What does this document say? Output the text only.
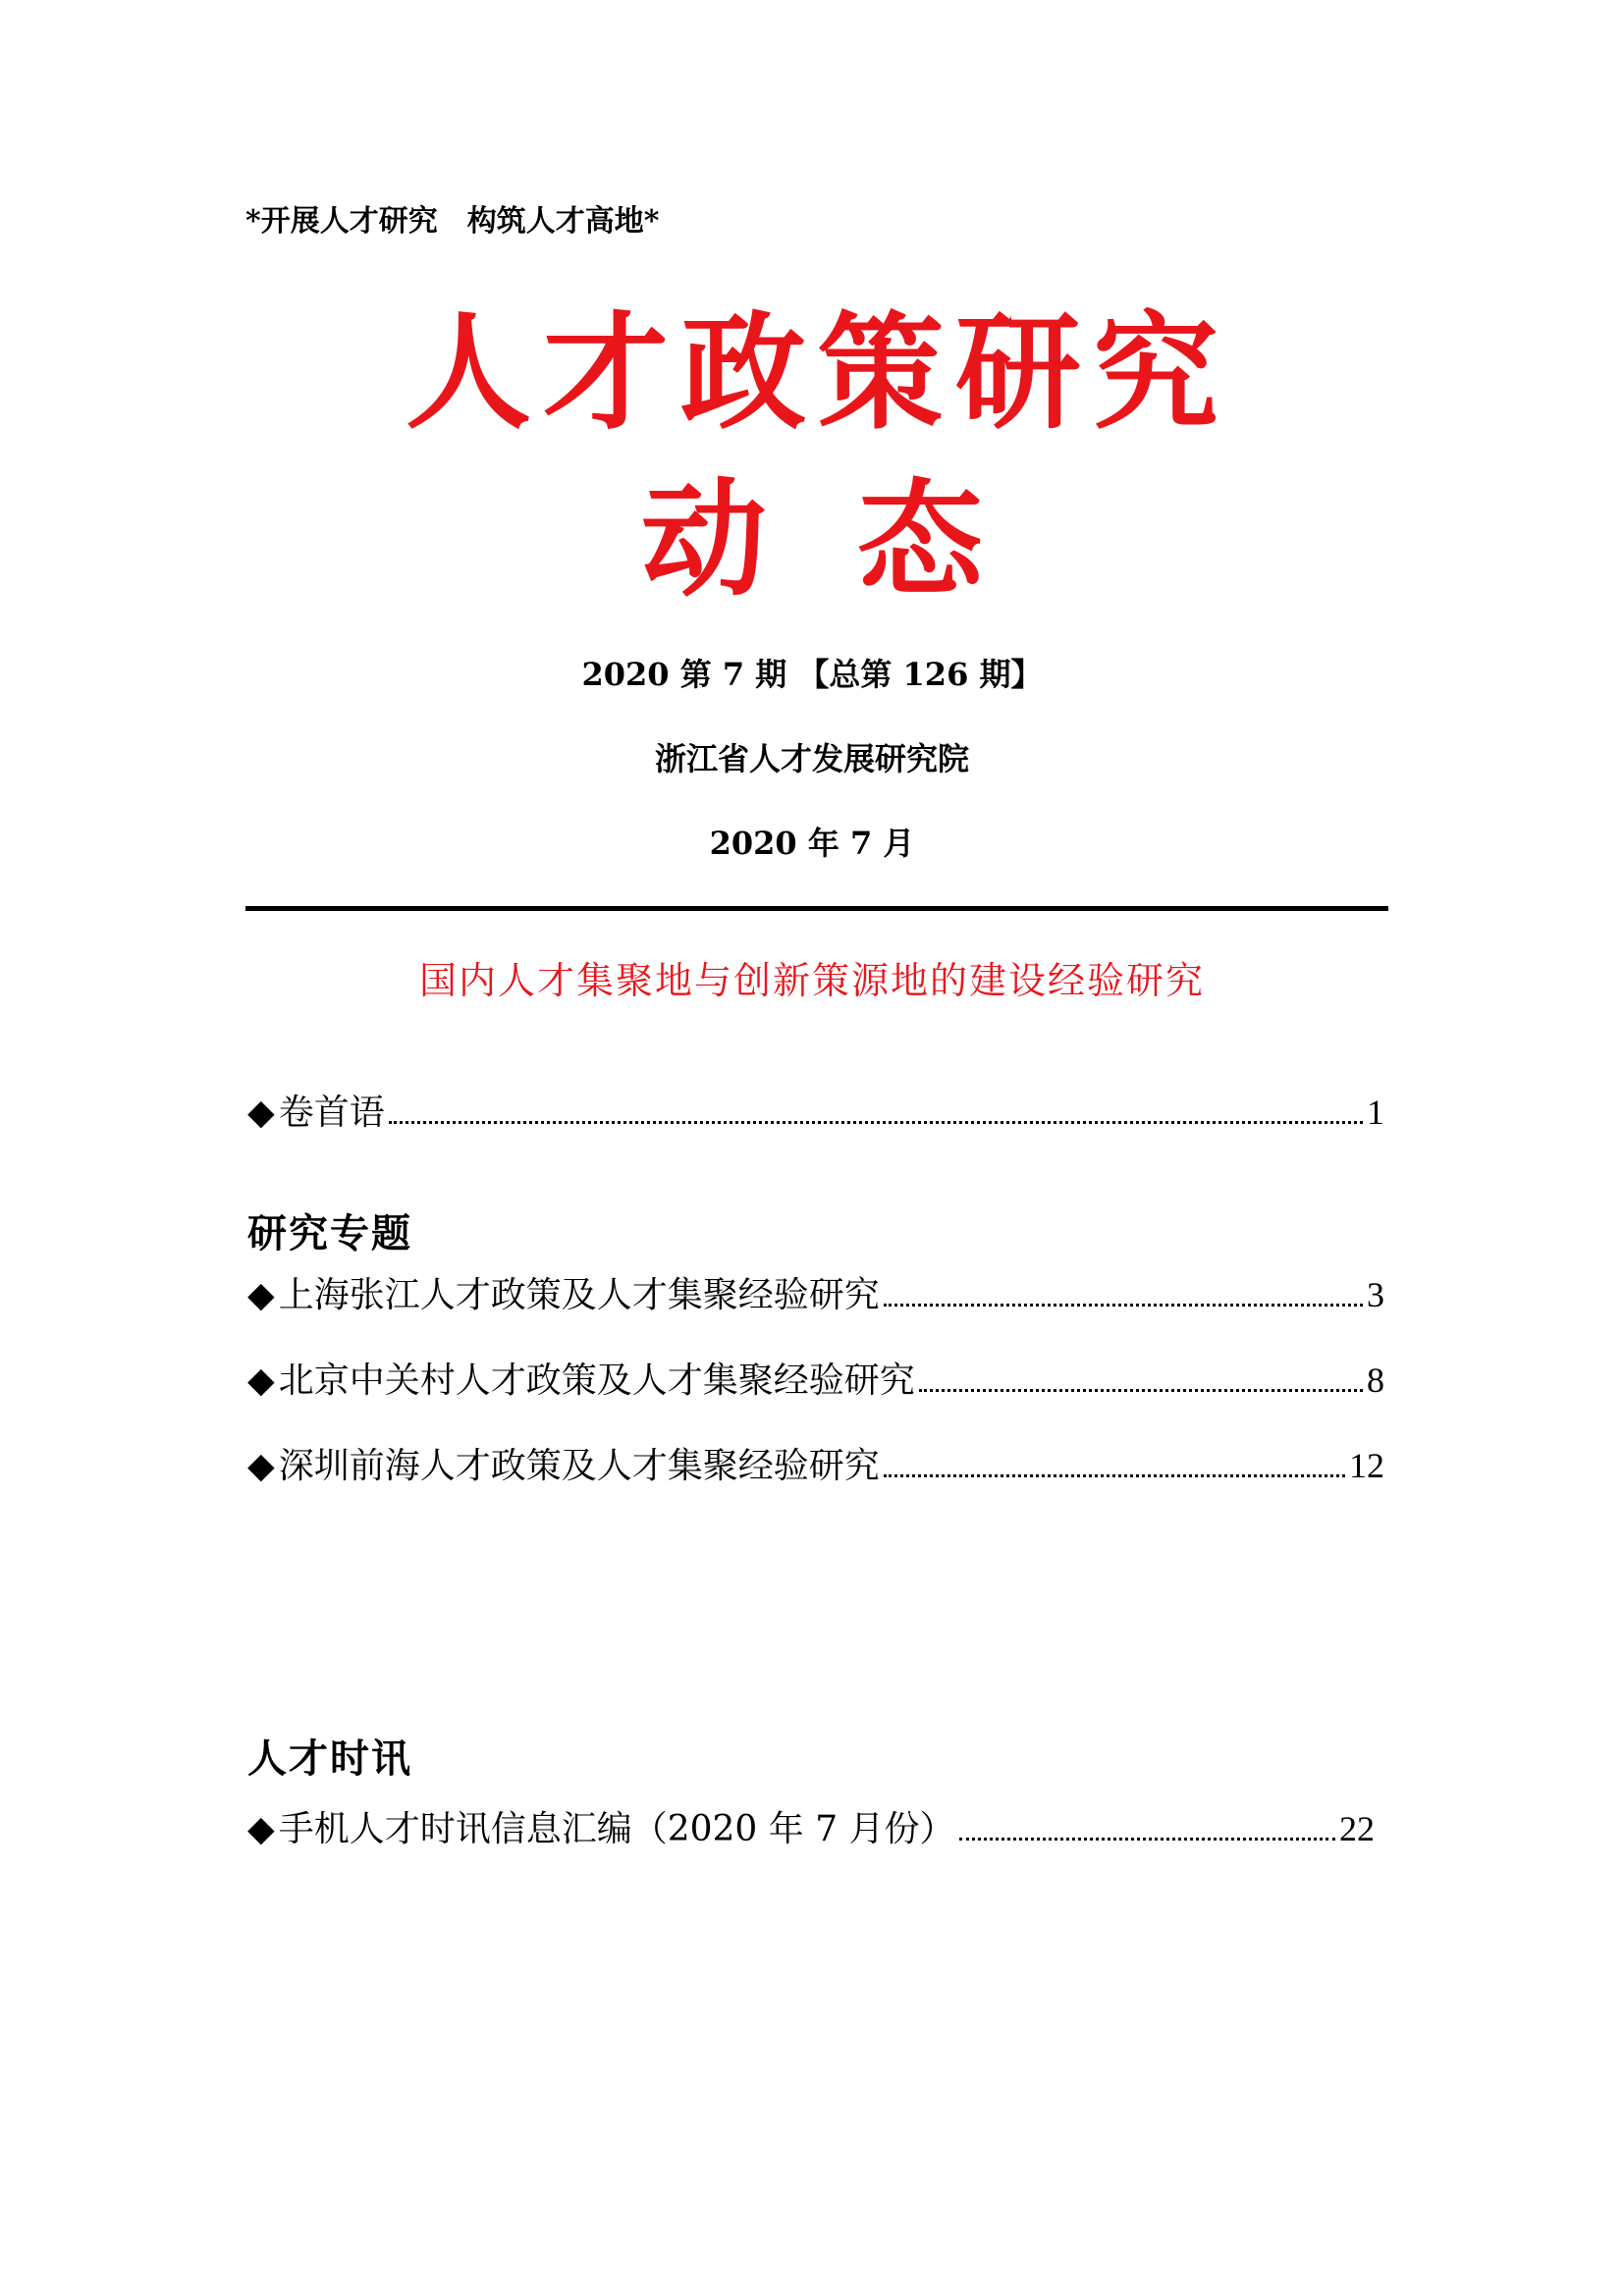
*开展人才研究　构筑人才高地*
人才政策研究
动 态
2020 第 7 期 【总第 126 期】
浙江省人才发展研究院
2020 年 7 月
国内人才集聚地与创新策源地的建设经验研究
◆ 卷首语	1
研究专题
◆ 上海张江人才政策及人才集聚经验研究	3
◆ 北京中关村人才政策及人才集聚经验研究	8
◆ 深圳前海人才政策及人才集聚经验研究	12
人才时讯
◆ 手机人才时讯信息汇编（2020 年 7 月份）	22
